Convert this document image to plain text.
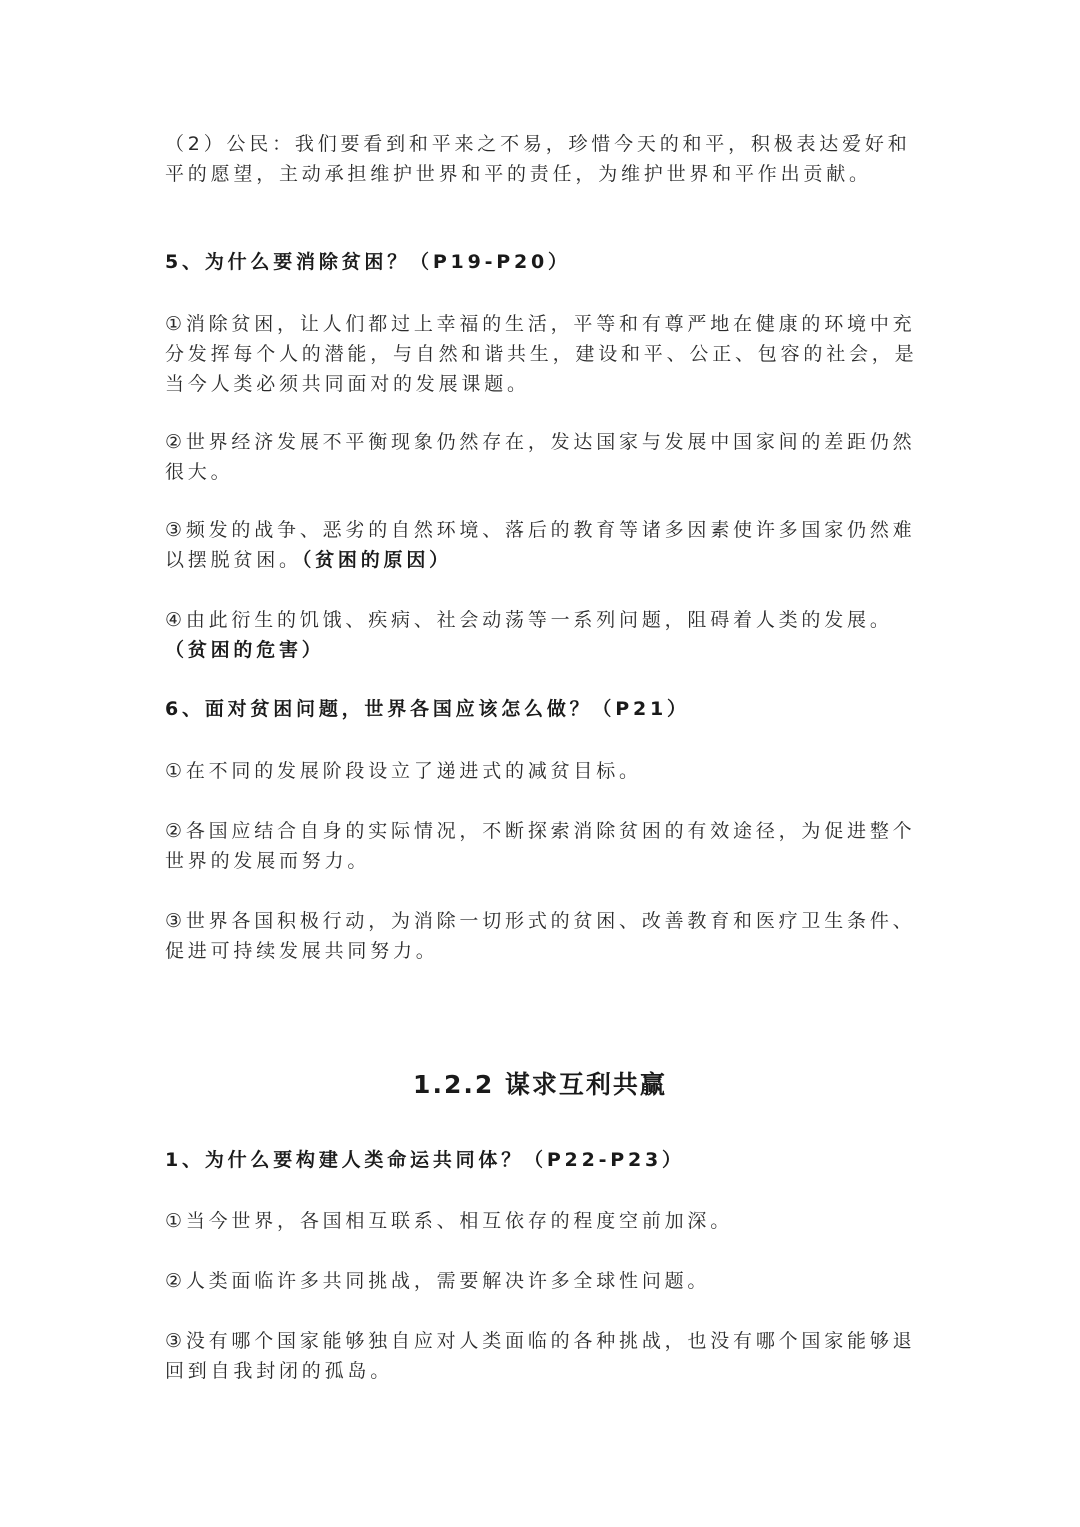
（2）公民：我们要看到和平来之不易，珍惜今天的和平，积极表达爱好和平的愿望，主动承担维护世界和平的责任，为维护世界和平作出贡献。

5、为什么要消除贫困？（P19-P20）

①消除贫困，让人们都过上幸福的生活，平等和有尊严地在健康的环境中充分发挥每个人的潜能，与自然和谐共生，建设和平、公正、包容的社会，是当今人类必须共同面对的发展课题。

②世界经济发展不平衡现象仍然存在，发达国家与发展中国家间的差距仍然很大。

③频发的战争、恶劣的自然环境、落后的教育等诸多因素使许多国家仍然难以摆脱贫困。（贫困的原因）

④由此衍生的饥饿、疾病、社会动荡等一系列问题，阻碍着人类的发展。（贫困的危害）

6、面对贫困问题，世界各国应该怎么做？（P21）

①在不同的发展阶段设立了递进式的减贫目标。

②各国应结合自身的实际情况，不断探索消除贫困的有效途径，为促进整个世界的发展而努力。

③世界各国积极行动，为消除一切形式的贫困、改善教育和医疗卫生条件、促进可持续发展共同努力。

1.2.2 谋求互利共赢

1、为什么要构建人类命运共同体？（P22-P23）

①当今世界，各国相互联系、相互依存的程度空前加深。

②人类面临许多共同挑战，需要解决许多全球性问题。

③没有哪个国家能够独自应对人类面临的各种挑战，也没有哪个国家能够退回到自我封闭的孤岛。
